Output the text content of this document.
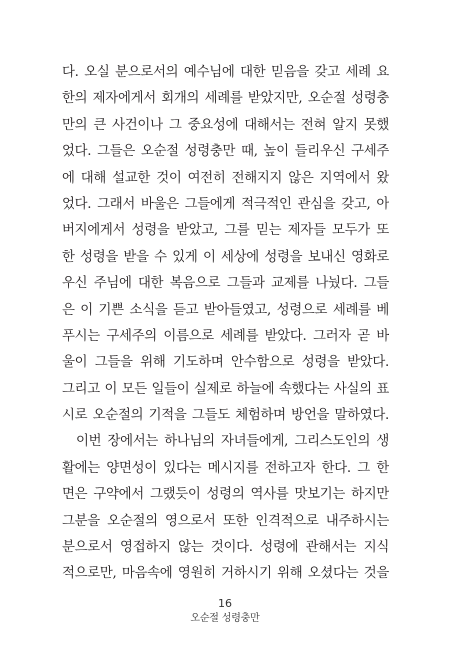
다. 오실 분으로서의 예수님에 대한 믿음을 갖고 세례 요
한의 제자에게서 회개의 세례를 받았지만, 오순절 성령충
만의 큰 사건이나 그 중요성에 대해서는 전혀 알지 못했
었다. 그들은 오순절 성령충만 때, 높이 들리우신 구세주
에 대해 설교한 것이 여전히 전해지지 않은 지역에서 왔
었다. 그래서 바울은 그들에게 적극적인 관심을 갖고, 아
버지에게서 성령을 받았고, 그를 믿는 제자들 모두가 또
한 성령을 받을 수 있게 이 세상에 성령을 보내신 영화로
우신 주님에 대한 복음으로 그들과 교제를 나눴다. 그들
은 이 기쁜 소식을 듣고 받아들였고, 성령으로 세례를 베
푸시는 구세주의 이름으로 세례를 받았다. 그러자 곧 바
울이 그들을 위해 기도하며 안수함으로 성령을 받았다.
그리고 이 모든 일들이 실제로 하늘에 속했다는 사실의 표
시로 오순절의 기적을 그들도 체험하며 방언을 말하였다.
이번 장에서는 하나님의 자녀들에게, 그리스도인의 생
활에는 양면성이 있다는 메시지를 전하고자 한다. 그 한
면은 구약에서 그랬듯이 성령의 역사를 맛보기는 하지만
그분을 오순절의 영으로서 또한 인격적으로 내주하시는
분으로서 영접하지 않는 것이다. 성령에 관해서는 지식
적으로만, 마음속에 영원히 거하시기 위해 오셨다는 것을
16
오순절 성령충만
